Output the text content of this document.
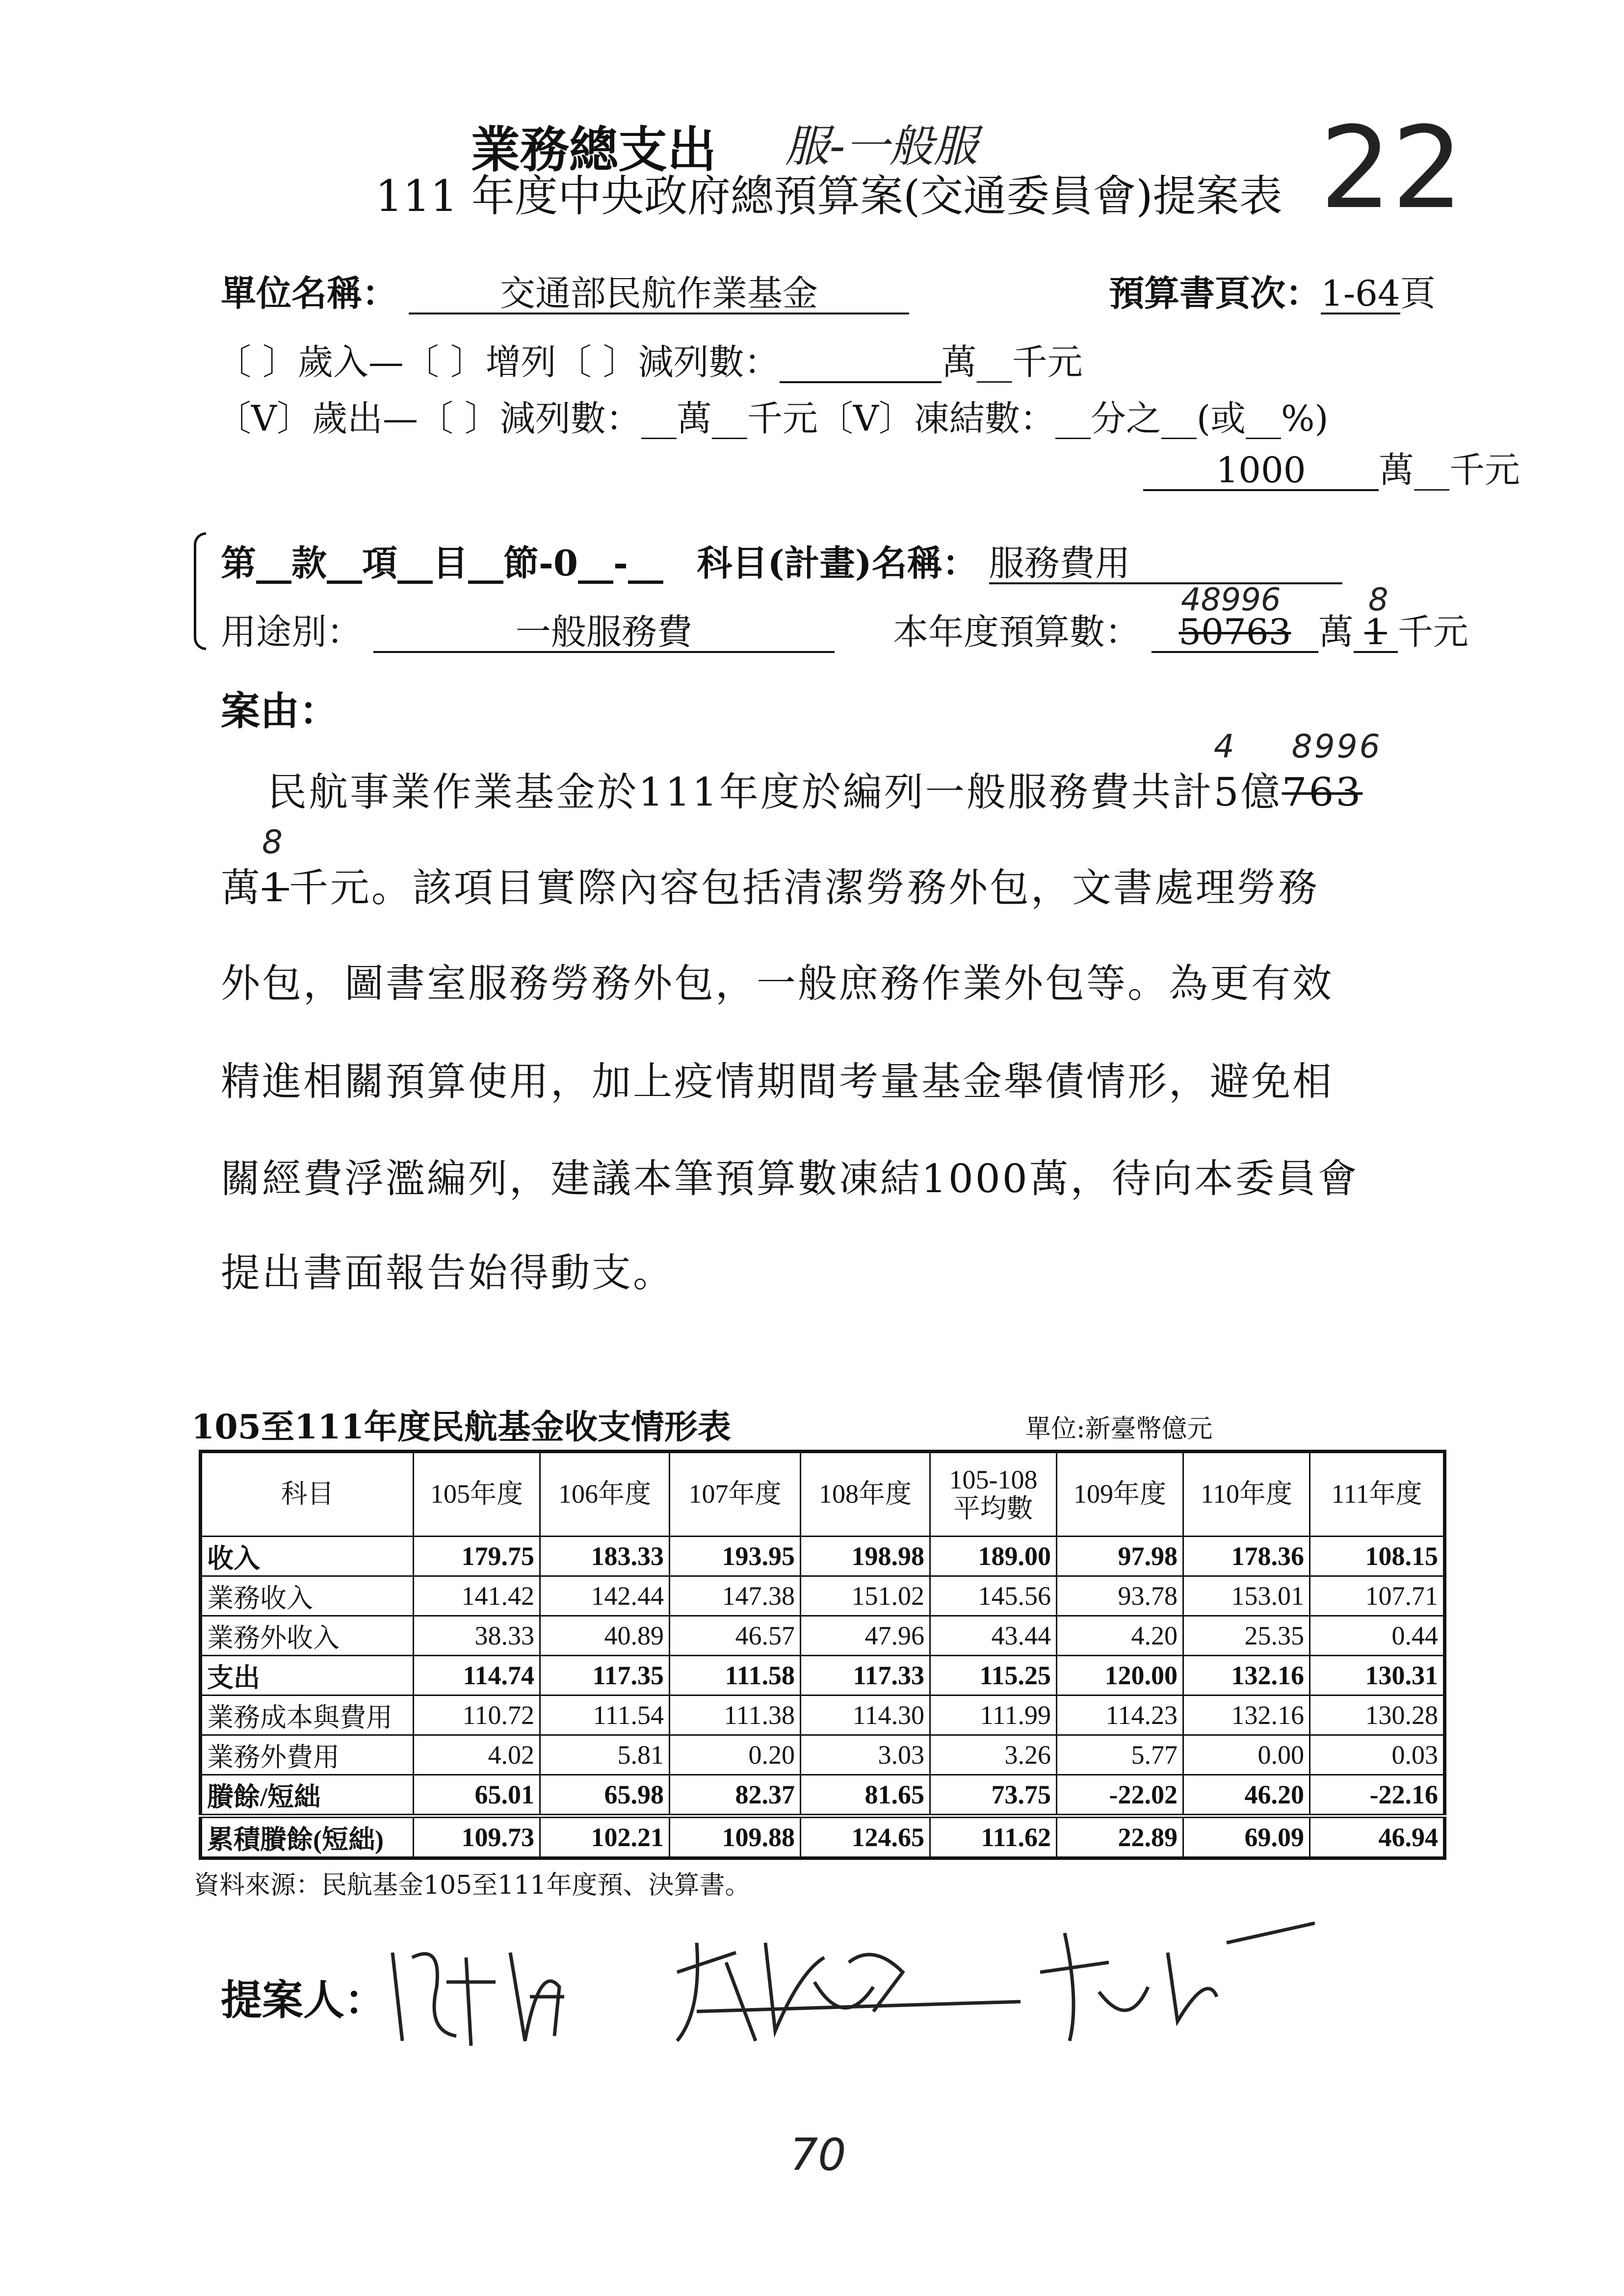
業務總支出 服-一般服
111 年度中央政府總預算案(交通委員會)提案表 22
單位名稱：	交通部民航作業基金	預算書頁次：1-64頁
〔 〕歲入—〔 〕增列〔 〕減列數：	萬__千元
〔V〕歲出—〔 〕減列數：__萬__千元〔V〕凍結數：__分之__(或__%)
1000 萬__千元
第__款__項__目__節-0__-__ 科目(計畫)名稱： 服務費用
用途別：	一般服務費	本年度預算數： 50763
48996
萬 1
8
千元
案由：
民航事業作業基金於111年度於編列一般服務費共計5
4
億763
8996
萬1
8
千元。該項目實際內容包括清潔勞務外包，文書處理勞務
外包，圖書室服務勞務外包，一般庶務作業外包等。為更有效
精進相關預算使用，加上疫情期間考量基金舉債情形，避免相
關經費浮濫編列，建議本筆預算數凍結1000萬，待向本委員會
提出書面報告始得動支。
105至111年度民航基金收支情形表	單位:新臺幣億元
科目	105年度	106年度	107年度	108年度	105-108
平均數	109年度	110年度	111年度
收入	179.75	183.33	193.95	198.98	189.00	97.98	178.36	108.15
業務收入	141.42	142.44	147.38	151.02	145.56	93.78	153.01	107.71
業務外收入	38.33	40.89	46.57	47.96	43.44	4.20	25.35	0.44
支出	114.74	117.35	111.58	117.33	115.25	120.00	132.16	130.31
業務成本與費用	110.72	111.54	111.38	114.30	111.99	114.23	132.16	130.28
業務外費用	4.02	5.81	0.20	3.03	3.26	5.77	0.00	0.03
賸餘/短絀	65.01	65.98	82.37	81.65	73.75	-22.02	46.20	-22.16
累積賸餘(短絀)	109.73	102.21	109.88	124.65	111.62	22.89	69.09	46.94
資料來源：民航基金105至111年度預、決算書。
提案人：
70
